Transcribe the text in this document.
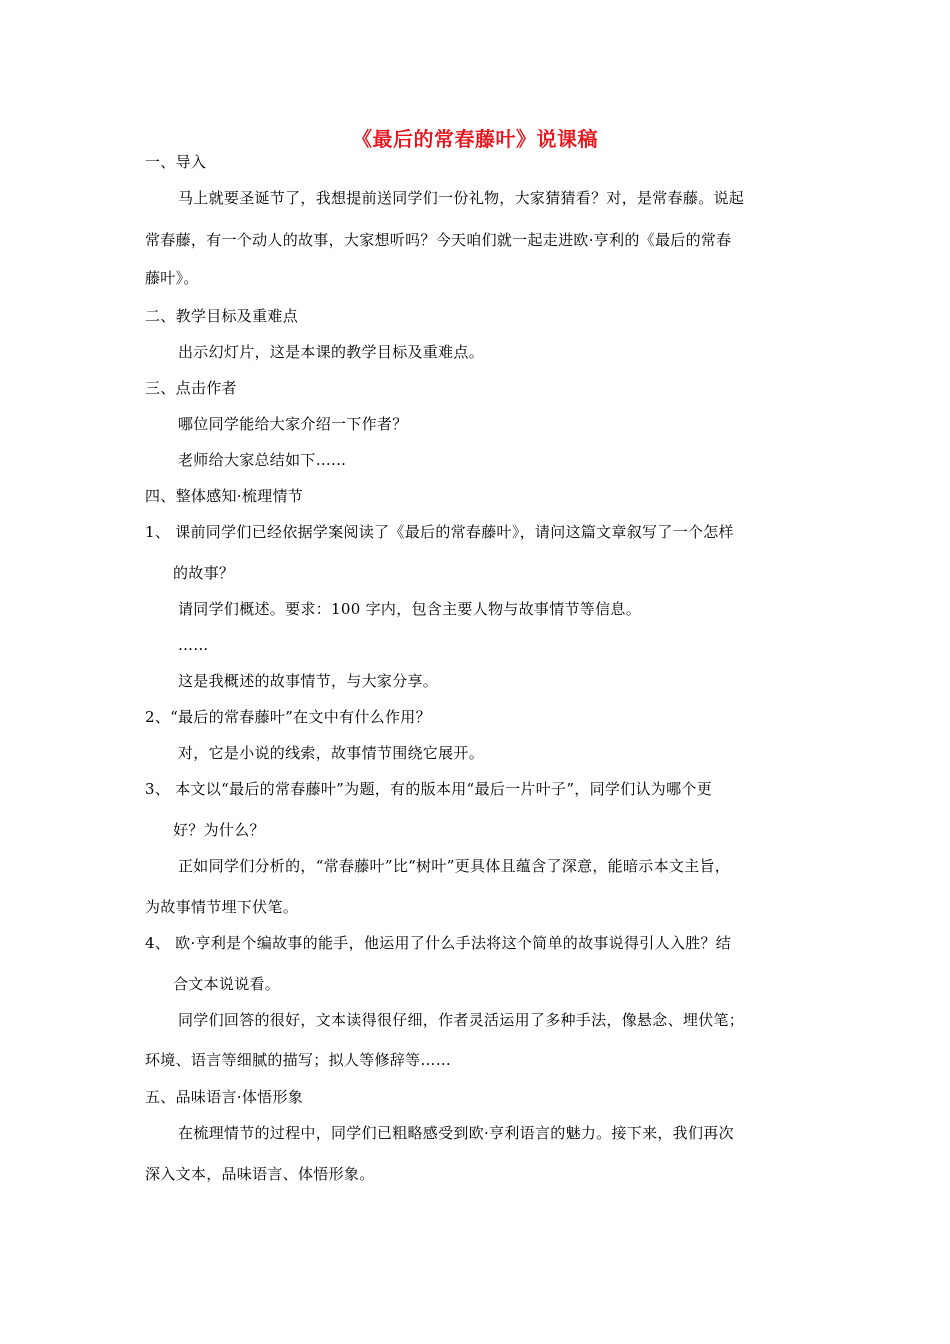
《最后的常春藤叶》说课稿
一、导入
马上就要圣诞节了，我想提前送同学们一份礼物，大家猜猜看？对，是常春藤。说起
常春藤，有一个动人的故事，大家想听吗？今天咱们就一起走进欧·亨利的《最后的常春
藤叶》。
二、教学目标及重难点
出示幻灯片，这是本课的教学目标及重难点。
三、点击作者
哪位同学能给大家介绍一下作者？
老师给大家总结如下……
四、整体感知·梳理情节
1、 课前同学们已经依据学案阅读了《最后的常春藤叶》，请问这篇文章叙写了一个怎样
的故事？
请同学们概述。要求：100 字内，包含主要人物与故事情节等信息。
……
这是我概述的故事情节，与大家分享。
2、“最后的常春藤叶”在文中有什么作用？
对，它是小说的线索，故事情节围绕它展开。
3、 本文以“最后的常春藤叶”为题，有的版本用“最后一片叶子”，同学们认为哪个更
好？为什么？
正如同学们分析的，“常春藤叶”比“树叶”更具体且蕴含了深意，能暗示本文主旨，
为故事情节埋下伏笔。
4、 欧·亨利是个编故事的能手，他运用了什么手法将这个简单的故事说得引人入胜？结
合文本说说看。
同学们回答的很好，文本读得很仔细，作者灵活运用了多种手法，像悬念、埋伏笔；
环境、语言等细腻的描写；拟人等修辞等……
五、品味语言·体悟形象
在梳理情节的过程中，同学们已粗略感受到欧·亨利语言的魅力。接下来，我们再次
深入文本，品味语言、体悟形象。
